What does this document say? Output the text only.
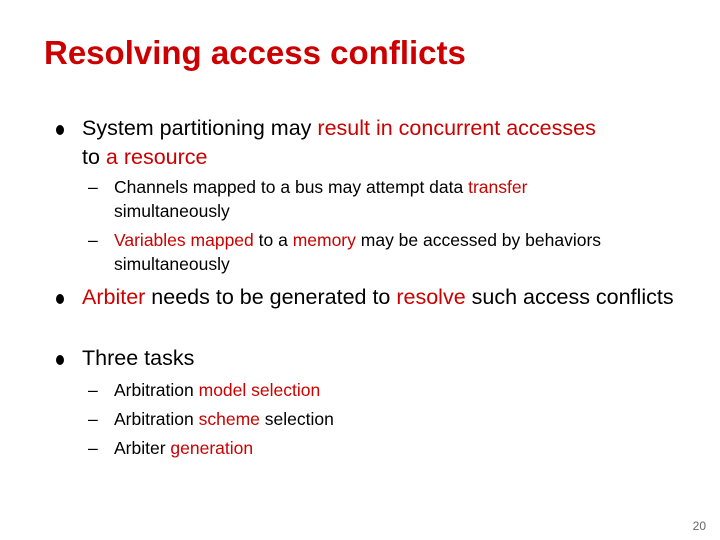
Resolving access conflicts
System partitioning may result in concurrent accesses
to a resource
– Channels mapped to a bus may attempt data transfer
simultaneously
– Variables mapped to a memory may be accessed by behaviors simultaneously
Arbiter needs to be generated to resolve such access conflicts
Three tasks
– Arbitration model selection
– Arbitration scheme selection
– Arbiter generation
20
